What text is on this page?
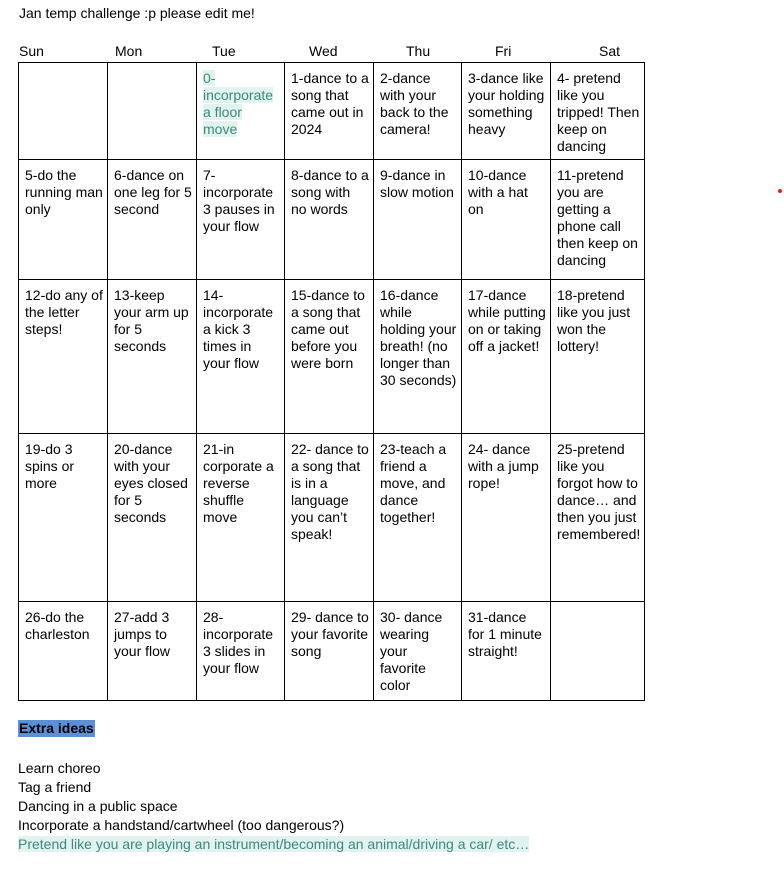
Jan temp challenge :p please edit me!
Sun	Mon	Tue	Wed	Thu	Fri	Sat
		0-incorporate a floor move	1-dance to a song that came out in 2024	2-dance with your back to the camera!	3-dance like your holding something heavy	4- pretend like you tripped! Then keep on dancing
5-do the running man only	6-dance on one leg for 5 second	7-incorporate 3 pauses in your flow	8-dance to a song with no words	9-dance in slow motion	10-dance with a hat on	11-pretend you are getting a phone call then keep on dancing
12-do any of the letter steps!	13-keep your arm up for 5 seconds	14-incorporate a kick 3 times in your flow	15-dance to a song that came out before you were born	16-dance while holding your breath! (no longer than 30 seconds)	17-dance while putting on or taking off a jacket!	18-pretend like you just won the lottery!
19-do 3 spins or more	20-dance with your eyes closed for 5 seconds	21-in corporate a reverse shuffle move	22- dance to a song that is in a language you can’t speak!	23-teach a friend a move, and dance together!	24- dance with a jump rope!	25-pretend like you forgot how to dance… and then you just remembered!
26-do the charleston	27-add 3 jumps to your flow	28-incorporate 3 slides in your flow	29- dance to your favorite song	30- dance wearing your favorite color	31-dance for 1 minute straight!	
Extra ideas
Learn choreo
Tag a friend
Dancing in a public space
Incorporate a handstand/cartwheel (too dangerous?)
Pretend like you are playing an instrument/becoming an animal/driving a car/ etc…
